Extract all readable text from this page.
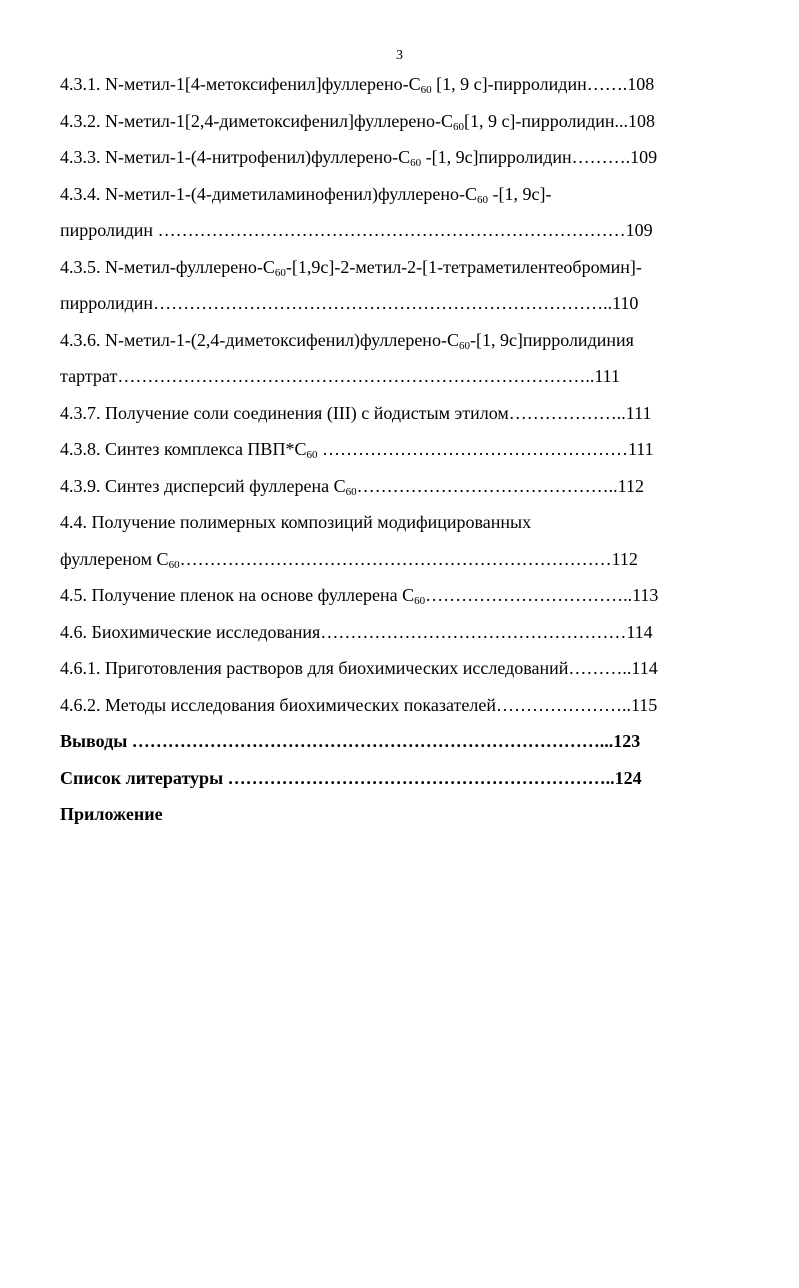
3
4.3.1. $N-метил-1[4-метоксифенил]фуллерено-C_{60}$ [1, 9 c]-пирролидин…….108
4.3.2. $N-метил-1[2,4-диметоксифенил]фуллерено-C_{60}[1$, 9 c]-пирролидин...108
4.3.3. $N-метил-1-(4-нитрофенил)фуллерено-C_{60}$ -[1, 9c]пирролидин……….109
4.3.4. $N-метил-1-(4-диметиламинофенил)фуллерено-C_{60}$ -[1, 9c]-
пирролидин ……………………………………………………………………109
4.3.5. $N-метил-фуллерено-C_{60}-[1,9c]-2-метил-2-[1-тетраметилентеобромин]-$
пирролидин…………………………………………………………………..110
4.3.6. $N-метил-1-(2,4-диметоксифенил)фуллерено-C_{60}-[1$, 9c]пирролидиния
тартрат……………………………………………………………………..111
4.3.7. Получение соли соединения (III) с йодистым этилом………………..111
4.3.8. Синтез комплекса $ПВП*C_{60}$ ……………………………………………111
4.3.9. Синтез дисперсий фуллерена $C_{60}\dots\dots\dots\dots\dots\dots\dots\dots\dots\dots\dots\dots\dots\dots..112$
4.4. Получение полимерных композиций модифицированных
фуллереном $C_{60}\dots\dots\dots\dots\dots\dots\dots\dots\dots\dots\dots\dots\dots\dots\dots\dots\dots\dots\dots\dots\dots\dots\dots\dots 112$
4.5. Получение пленок на основе фуллерена $C_{60}\dots\dots\dots\dots\dots\dots\dots\dots\dots\dots\dots..113$
4.6. Биохимические исследования……………………………………………114
4.6.1. Приготовления растворов для биохимических исследований………..114
4.6.2. Методы исследования биохимических показателей…………………..115
Выводы ……………………………………………………………………...123
Список литературы ………………………………………………………..124
Приложение
